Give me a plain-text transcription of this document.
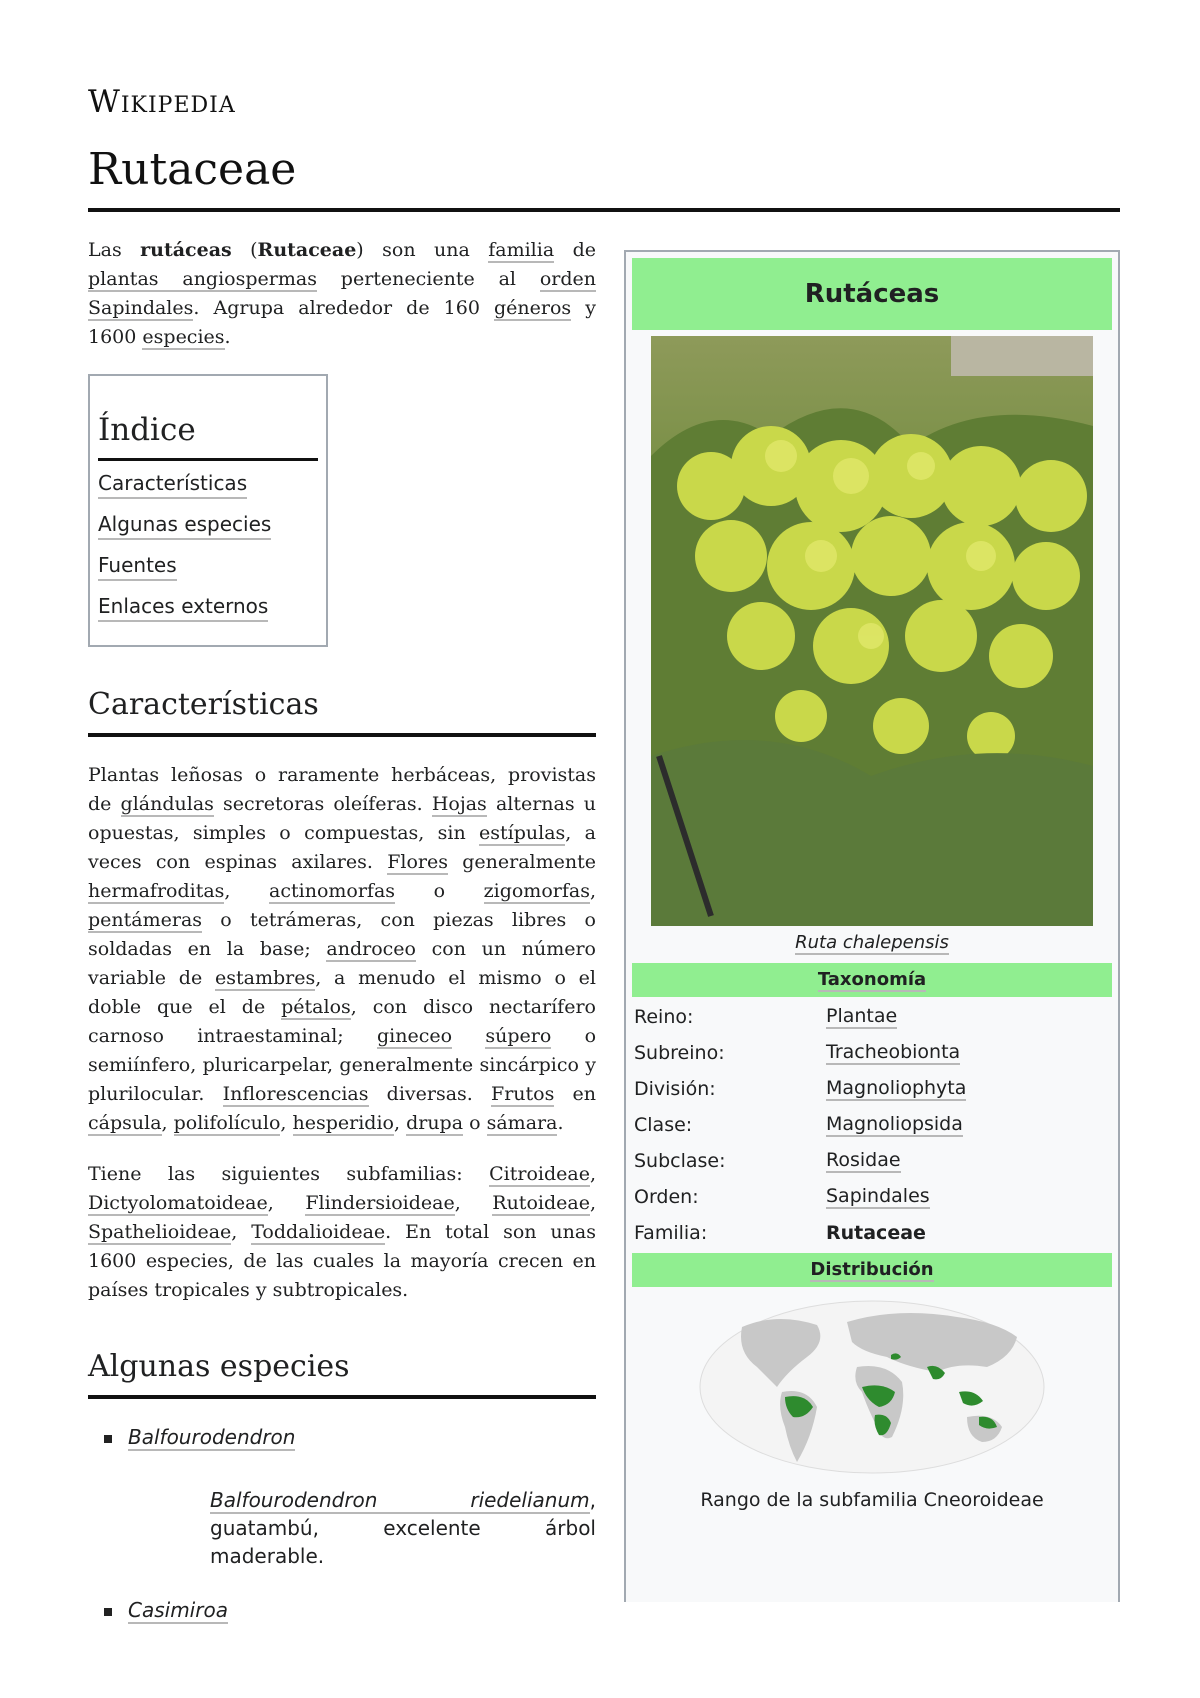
Wikipedia
Rutaceae

Las rutáceas (Rutaceae) son una familia de plantas angiospermas perteneciente al orden Sapindales. Agrupa alrededor de 160 géneros y 1600 especies.

Índice
Características
Algunas especies
Fuentes
Enlaces externos
Características

Plantas leñosas o raramente herbáceas, provistas de glándulas secretoras oleíferas. Hojas alternas u opuestas, simples o compuestas, sin estípulas, a veces con espinas axilares. Flores generalmente hermafroditas, actinomorfas o zigomorfas, pentámeras o tetrámeras, con piezas libres o soldadas en la base; androceo con un número variable de estambres, a menudo el mismo o el doble que el de pétalos, con disco nectarífero carnoso intraestaminal; gineceo súpero o semiínfero, pluricarpelar, generalmente sincárpico y plurilocular. Inflorescencias diversas. Frutos en cápsula, polifolículo, hesperidio, drupa o sámara.

Tiene las siguientes subfamilias: Citroideae, Dictyolomatoideae, Flindersioideae, Rutoideae, Spathelioideae, Toddalioideae. En total son unas 1600 especies, de las cuales la mayoría crecen en países tropicales y subtropicales.

Algunas especies
Balfourodendron
Balfourodendron riedelianum, guatambú, excelente árbol maderable.
Casimiroa
Rutáceas
Ruta chalepensis
Taxonomía
Reino:	Plantae
Subreino:	Tracheobionta
División:	Magnoliophyta
Clase:	Magnoliopsida
Subclase:	Rosidae
Orden:	Sapindales
Familia:	Rutaceae
Distribución
Rango de la subfamilia Cneoroideae
